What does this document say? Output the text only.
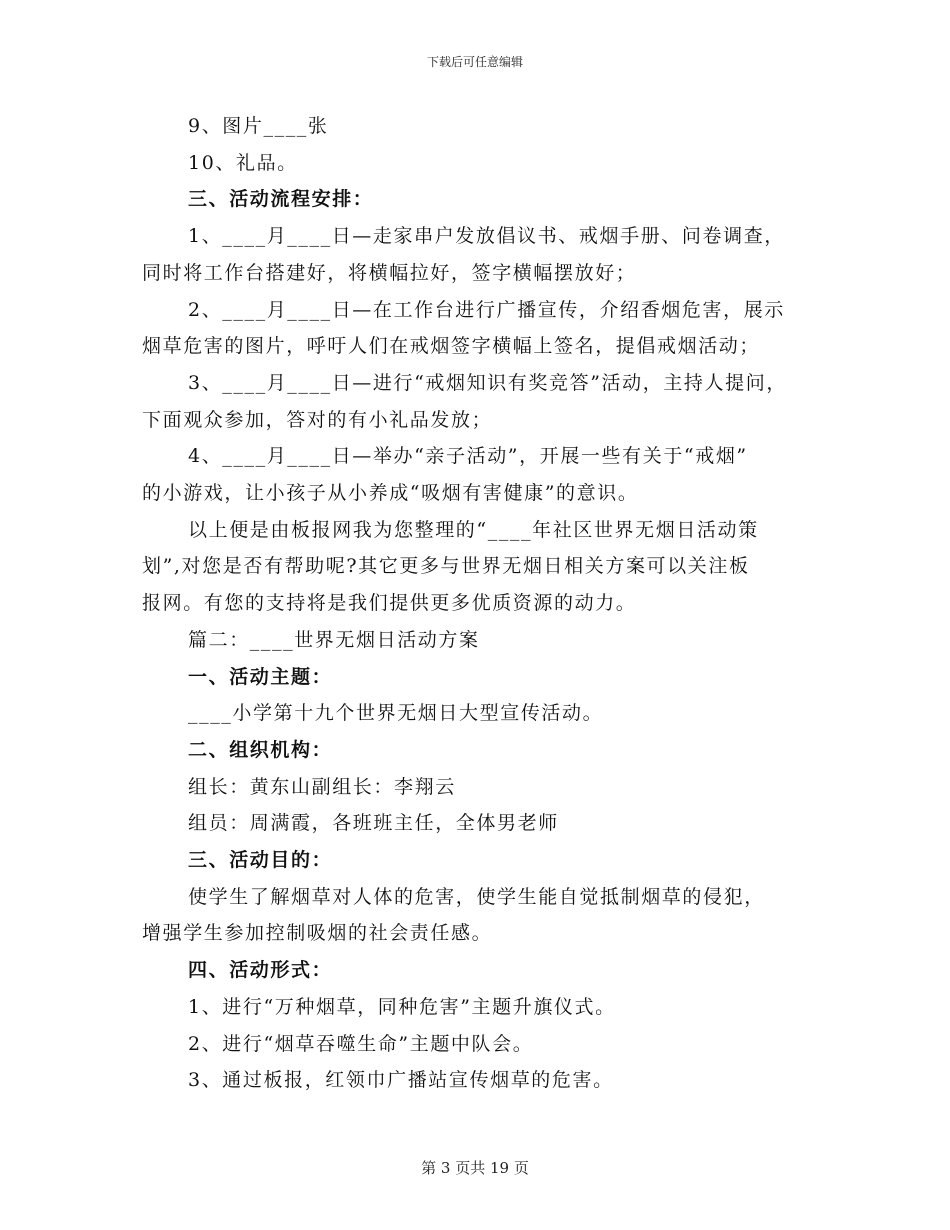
下载后可任意编辑

9、图片____张

10、礼品。

三、活动流程安排：

1、____月____日—走家串户发放倡议书、戒烟手册、问卷调查，

同时将工作台搭建好，将横幅拉好，签字横幅摆放好；

2、____月____日—在工作台进行广播宣传，介绍香烟危害，展示

烟草危害的图片，呼吁人们在戒烟签字横幅上签名，提倡戒烟活动；

3、____月____日—进行“戒烟知识有奖竞答”活动，主持人提问，

下面观众参加，答对的有小礼品发放；

4、____月____日—举办“亲子活动”，开展一些有关于“戒烟”

的小游戏，让小孩子从小养成“吸烟有害健康”的意识。

以上便是由板报网我为您整理的“____年社区世界无烟日活动策

划”,对您是否有帮助呢?其它更多与世界无烟日相关方案可以关注板

报网。有您的支持将是我们提供更多优质资源的动力。

篇二：____世界无烟日活动方案

一、活动主题：

____小学第十九个世界无烟日大型宣传活动。

二、组织机构：

组长：黄东山副组长：李翔云

组员：周满霞，各班班主任，全体男老师

三、活动目的：

使学生了解烟草对人体的危害，使学生能自觉抵制烟草的侵犯，

增强学生参加控制吸烟的社会责任感。

四、活动形式：

1、进行“万种烟草，同种危害”主题升旗仪式。

2、进行“烟草吞噬生命”主题中队会。

3、通过板报，红领巾广播站宣传烟草的危害。

第 3 页共 19 页
